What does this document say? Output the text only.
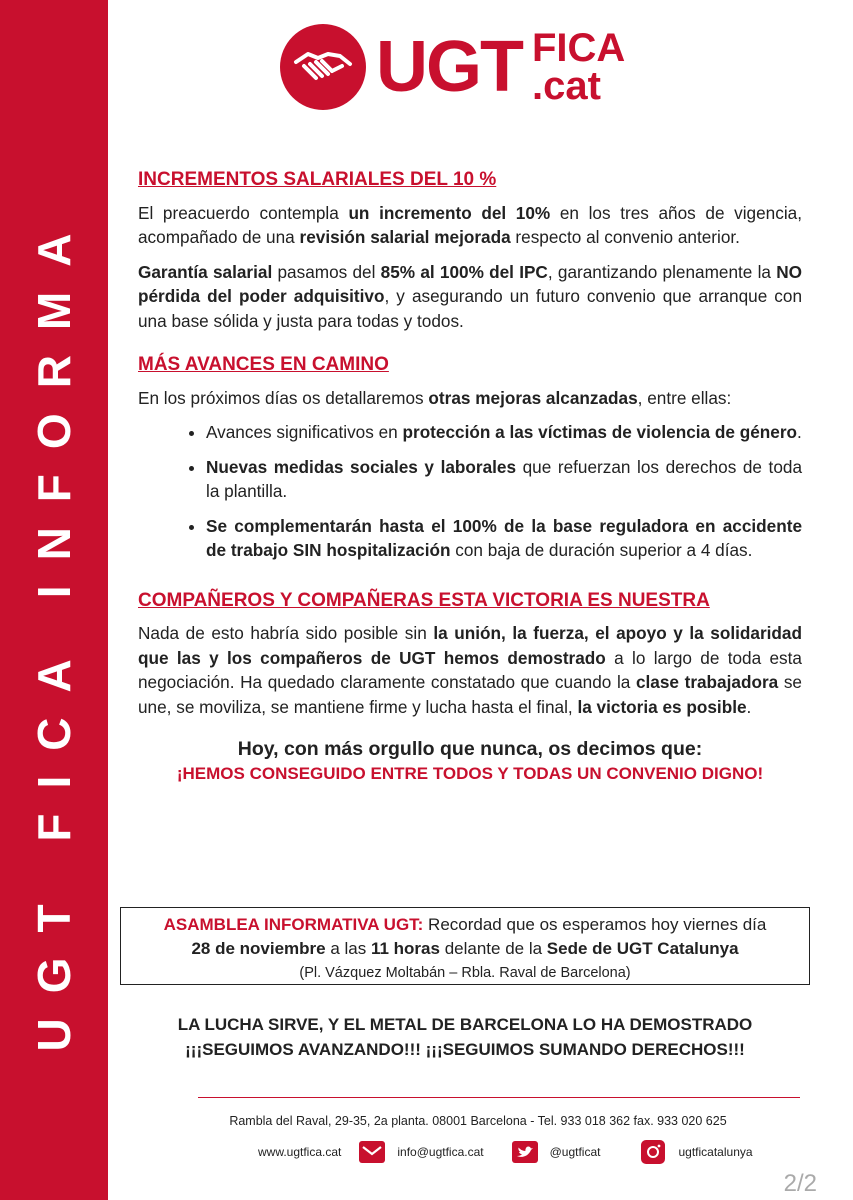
UGT FICA INFORMA
UGT FICA
.cat
INCREMENTOS SALARIALES DEL 10 %

El preacuerdo contempla un incremento del 10% en los tres años de vigencia, acompañado de una revisión salarial mejorada respecto al convenio anterior.

Garantía salarial pasamos del 85% al 100% del IPC, garantizando plenamente la NO pérdida del poder adquisitivo, y asegurando un futuro convenio que arranque con una base sólida y justa para todas y todos.

MÁS AVANCES EN CAMINO

En los próximos días os detallaremos otras mejoras alcanzadas, entre ellas:

• Avances significativos en protección a las víctimas de violencia de género.
• Nuevas medidas sociales y laborales que refuerzan los derechos de toda la plantilla.
• Se complementarán hasta el 100% de la base reguladora en accidente de trabajo SIN hospitalización con baja de duración superior a 4 días.
COMPAÑEROS Y COMPAÑERAS ESTA VICTORIA ES NUESTRA

Nada de esto habría sido posible sin la unión, la fuerza, el apoyo y la solidaridad que las y los compañeros de UGT hemos demostrado a lo largo de toda esta negociación. Ha quedado claramente constatado que cuando la clase trabajadora se une, se moviliza, se mantiene firme y lucha hasta el final, la victoria es posible.

Hoy, con más orgullo que nunca, os decimos que:
¡HEMOS CONSEGUIDO ENTRE TODOS Y TODAS UN CONVENIO DIGNO!
ASAMBLEA INFORMATIVA UGT: Recordad que os esperamos hoy viernes día
28 de noviembre a las 11 horas delante de la Sede de UGT Catalunya
(Pl. Vázquez Moltabán – Rbla. Raval de Barcelona)
LA LUCHA SIRVE, Y EL METAL DE BARCELONA LO HA DEMOSTRADO
¡¡¡SEGUIMOS AVANZANDO!!! ¡¡¡SEGUIMOS SUMANDO DERECHOS!!!
Rambla del Raval, 29-35, 2a planta. 08001 Barcelona - Tel. 933 018 362 fax. 933 020 625
www.ugtfica.cat	info@ugtfica.cat	@ugtficat	ugtficatalunya
2/2
